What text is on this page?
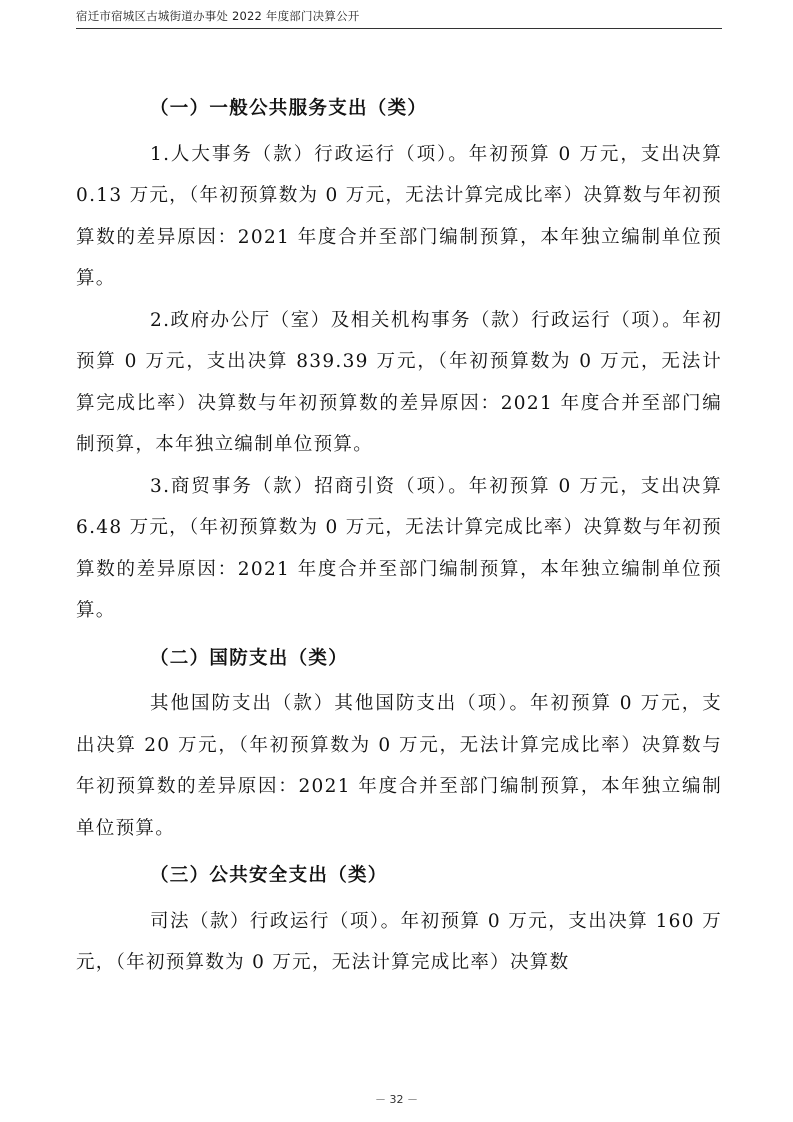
宿迁市宿城区古城街道办事处 2022 年度部门决算公开
（一）一般公共服务支出（类）

1.人大事务（款）行政运行（项）。年初预算 0 万元，支出决算 0.13 万元，（年初预算数为 0 万元，无法计算完成比率）决算数与年初预算数的差异原因：2021 年度合并至部门编制预算，本年独立编制单位预算。

2.政府办公厅（室）及相关机构事务（款）行政运行（项）。年初预算 0 万元，支出决算 839.39 万元，（年初预算数为 0 万元，无法计算完成比率）决算数与年初预算数的差异原因：2021 年度合并至部门编制预算，本年独立编制单位预算。

3.商贸事务（款）招商引资（项）。年初预算 0 万元，支出决算 6.48 万元，（年初预算数为 0 万元，无法计算完成比率）决算数与年初预算数的差异原因：2021 年度合并至部门编制预算，本年独立编制单位预算。

（二）国防支出（类）

其他国防支出（款）其他国防支出（项）。年初预算 0 万元，支出决算 20 万元，（年初预算数为 0 万元，无法计算完成比率）决算数与年初预算数的差异原因：2021 年度合并至部门编制预算，本年独立编制单位预算。

（三）公共安全支出（类）

司法（款）行政运行（项）。年初预算 0 万元，支出决算 160 万元，（年初预算数为 0 万元，无法计算完成比率）决算数

－ 32 －
